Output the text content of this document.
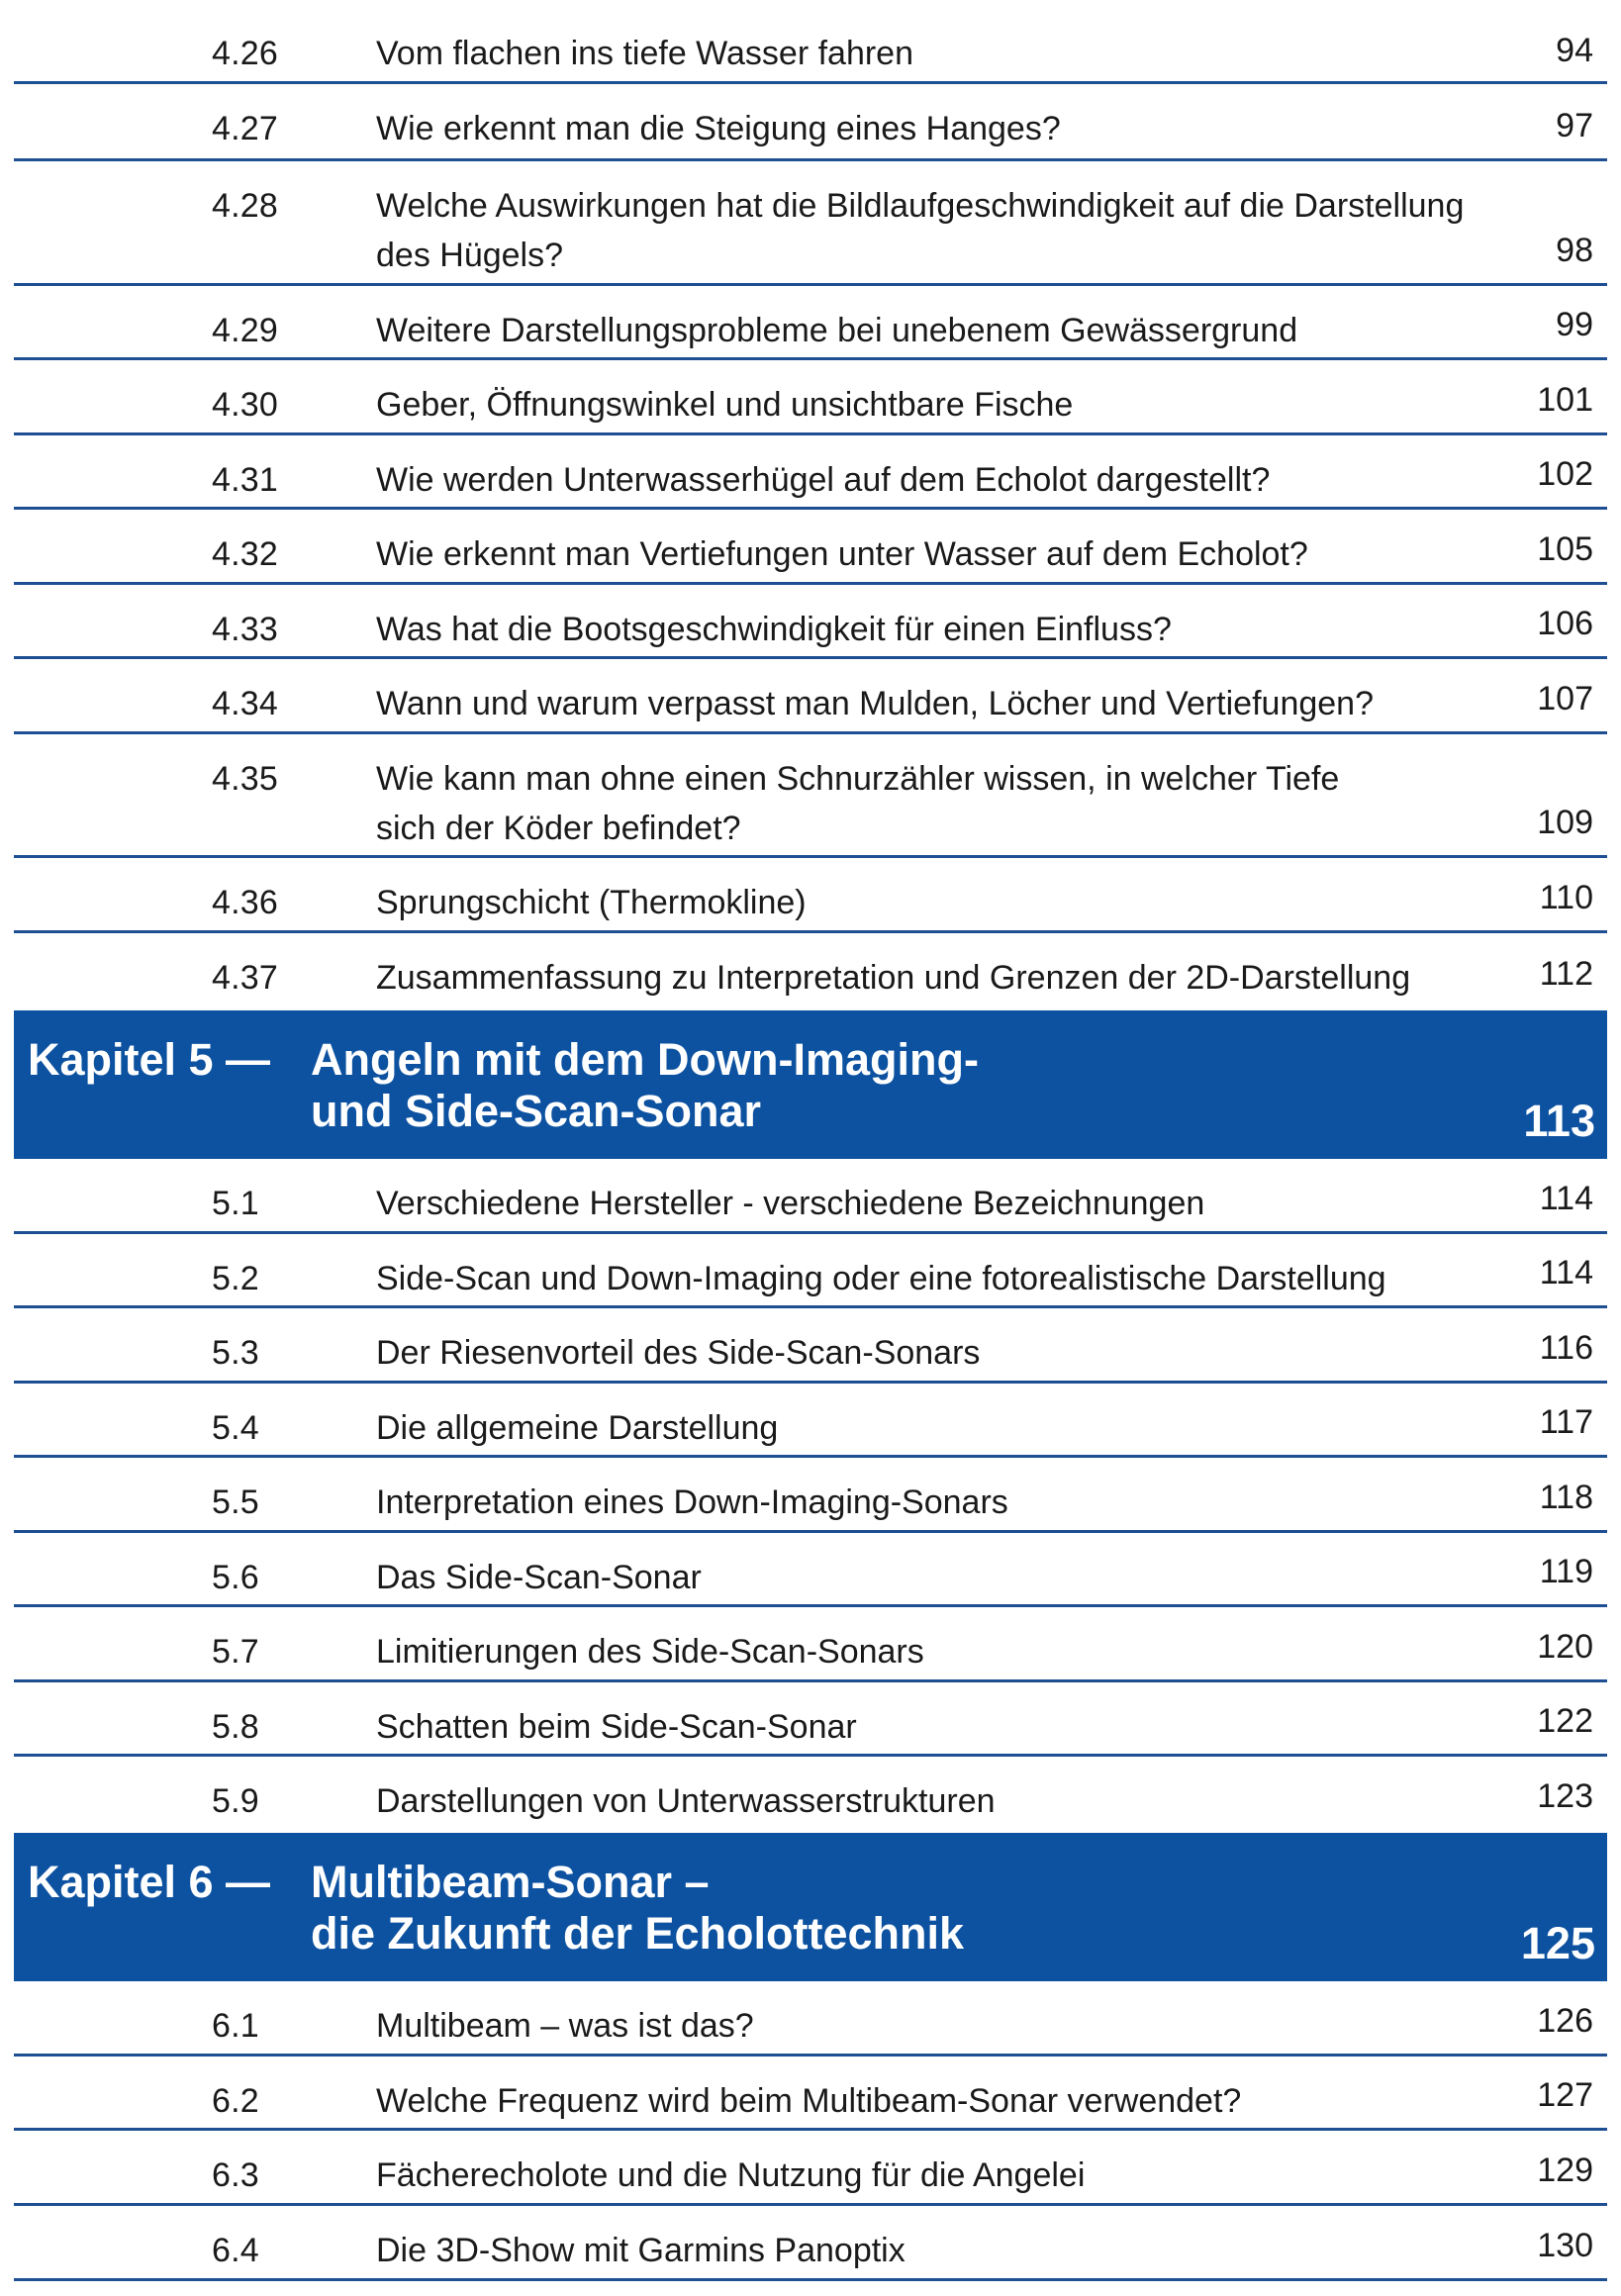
4.26	Vom flachen ins tiefe Wasser fahren	94
4.27	Wie erkennt man die Steigung eines Hanges?	97
4.28	Welche Auswirkungen hat die Bildlaufgeschwindigkeit auf die Darstellung
des Hügels?	98
4.29	Weitere Darstellungsprobleme bei unebenem Gewässergrund	99
4.30	Geber, Öffnungswinkel und unsichtbare Fische	101
4.31	Wie werden Unterwasserhügel auf dem Echolot dargestellt?	102
4.32	Wie erkennt man Vertiefungen unter Wasser auf dem Echolot?	105
4.33	Was hat die Bootsgeschwindigkeit für einen Einfluss?	106
4.34	Wann und warum verpasst man Mulden, Löcher und Vertiefungen?	107
4.35	Wie kann man ohne einen Schnurzähler wissen, in welcher Tiefe
sich der Köder befindet?	109
4.36	Sprungschicht (Thermokline)	110
4.37	Zusammenfassung zu Interpretation und Grenzen der 2D-Darstellung	112
Kapitel 5 — Angeln mit dem Down-Imaging-
und Side-Scan-Sonar	113
5.1	Verschiedene Hersteller - verschiedene Bezeichnungen	114
5.2	Side-Scan und Down-Imaging oder eine fotorealistische Darstellung	114
5.3	Der Riesenvorteil des Side-Scan-Sonars	116
5.4	Die allgemeine Darstellung	117
5.5	Interpretation eines Down-Imaging-Sonars	118
5.6	Das Side-Scan-Sonar	119
5.7	Limitierungen des Side-Scan-Sonars	120
5.8	Schatten beim Side-Scan-Sonar	122
5.9	Darstellungen von Unterwasserstrukturen	123
Kapitel 6 — Multibeam-Sonar –
die Zukunft der Echolottechnik	125
6.1	Multibeam – was ist das?	126
6.2	Welche Frequenz wird beim Multibeam-Sonar verwendet?	127
6.3	Fächerecholote und die Nutzung für die Angelei	129
6.4	Die 3D-Show mit Garmins Panoptix	130
